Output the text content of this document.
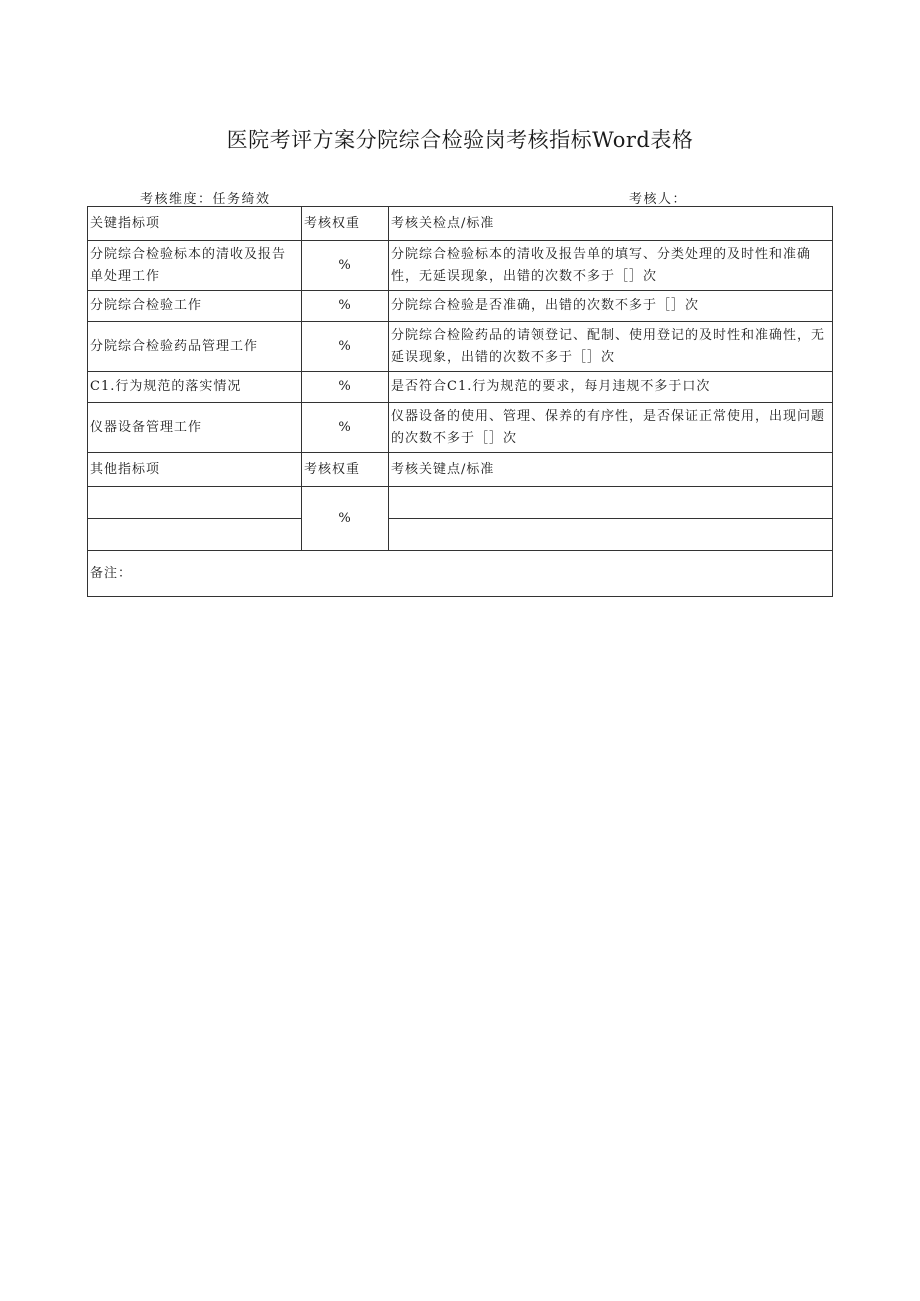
医院考评方案分院综合检验岗考核指标Word表格
考核维度：任务绮效	考核人：
关键指标项	考核权重	考核关检点/标准
分院综合检验标本的清收及报告单处理工作	%	分院综合检验标本的清收及报告单的填写、分类处理的及时性和准确性，无延误现象，出错的次数不多于［］次
分院综合检验工作	%	分院综合检验是否准确，出错的次数不多于［］次
分院综合检验药品管理工作	%	分院综合检险药品的请领登记、配制、使用登记的及时性和准确性，无延误现象，出错的次数不多于［］次
C1.行为规范的落实情况	%	是否符合C1.行为规范的要求，每月违规不多于口次
仪器设备管理工作	%	仪器设备的使用、管理、保养的有序性，是否保证正常使用，出现问题的次数不多于［］次
其他指标项	考核权重	考核关键点/标准
	%	

备注：		
